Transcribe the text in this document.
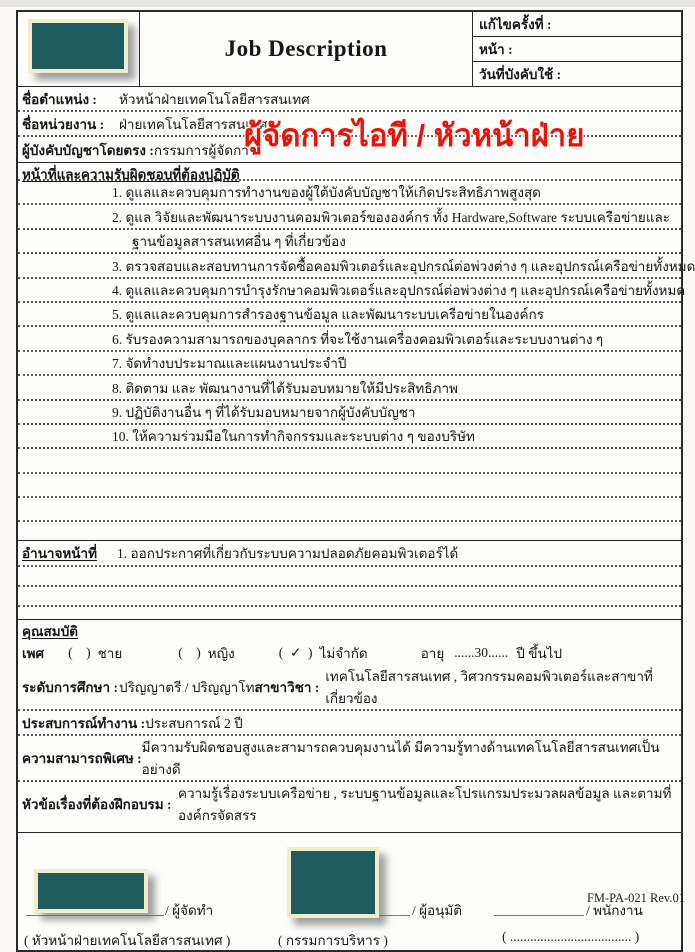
Job Description
แก้ไขครั้งที่ :
หน้า :
วันที่บังคับใช้ :
ชื่อตำแหน่ง :	หัวหน้าฝ่ายเทคโนโลยีสารสนเทศ
ชื่อหน่วยงาน :	ฝ่ายเทคโนโลยีสารสนเทศ
ผู้บังคับบัญชาโดยตรง : กรรมการผู้จัดการ
หน้าที่และความรับผิดชอบที่ต้องปฏิบัติ
1. ดูแลและควบคุมการทำงานของผู้ใต้บังคับบัญชาให้เกิดประสิทธิภาพสูงสุด
2. ดูแล วิจัยและพัฒนาระบบงานคอมพิวเตอร์ขององค์กร ทั้ง Hardware,Software ระบบเครือข่ายและ
ฐานข้อมูลสารสนเทศอื่น ๆ ที่เกี่ยวข้อง
3. ตรวจสอบและสอบทานการจัดซื้อคอมพิวเตอร์และอุปกรณ์ต่อพ่วงต่าง ๆ และอุปกรณ์เครือข่ายทั้งหมด
4. ดูแลและควบคุมการบำรุงรักษาคอมพิวเตอร์และอุปกรณ์ต่อพ่วงต่าง ๆ และอุปกรณ์เครือข่ายทั้งหมด
5. ดูแลและควบคุมการสำรองฐานข้อมูล และพัฒนาระบบเครือข่ายในองค์กร
6. รับรองความสามารถของบุคลากร ที่จะใช้งานเครื่องคอมพิวเตอร์และระบบงานต่าง ๆ
7. จัดทำงบประมาณและแผนงานประจำปี
8. ติดตาม และ พัฒนางานที่ได้รับมอบหมายให้มีประสิทธิภาพ
9. ปฏิบัติงานอื่น ๆ ที่ได้รับมอบหมายจากผู้บังคับบัญชา
10. ให้ความร่วมมือในการทำกิจกรรมและระบบต่าง ๆ ของบริษัท
อำนาจหน้าที่	1. ออกประกาศที่เกี่ยวกับระบบความปลอดภัยคอมพิวเตอร์ได้
คุณสมบัติ
เพศ (    ) ชาย	(    ) หญิง	(  ✓  ) ไม่จำกัด	อายุ ......30...... ปี ขึ้นไป
ระดับการศึกษา : ปริญญาตรี / ปริญญาโท สาขาวิชา :
เทคโนโลยีสารสนเทศ , วิศวกรรมคอมพิวเตอร์และสาขาที่เกี่ยวข้อง
ประสบการณ์ทำงาน : ประสบการณ์ 2 ปี
ความสามารถพิเศษ :
มีความรับผิดชอบสูงและสามารถควบคุมงานได้ มีความรู้ทางด้านเทคโนโลยีสารสนเทศเป็นอย่างดี
หัวข้อเรื่องที่ต้องฝึกอบรม :
ความรู้เรื่องระบบเครือข่าย , ระบบฐานข้อมูลและโปรแกรมประมวลผลข้อมูล และตามที่องค์กรจัดสรร
/ ผู้จัดทำ	/ ผู้อนุมัติ	/ พนักงาน
( หัวหน้าฝ่ายเทคโนโลยีสารสนเทศ )	( กรรมการบริหาร )	( .................................... )
ผู้จัดการไอที / หัวหน้าฝ่าย
FM-PA-021 Rev.01
